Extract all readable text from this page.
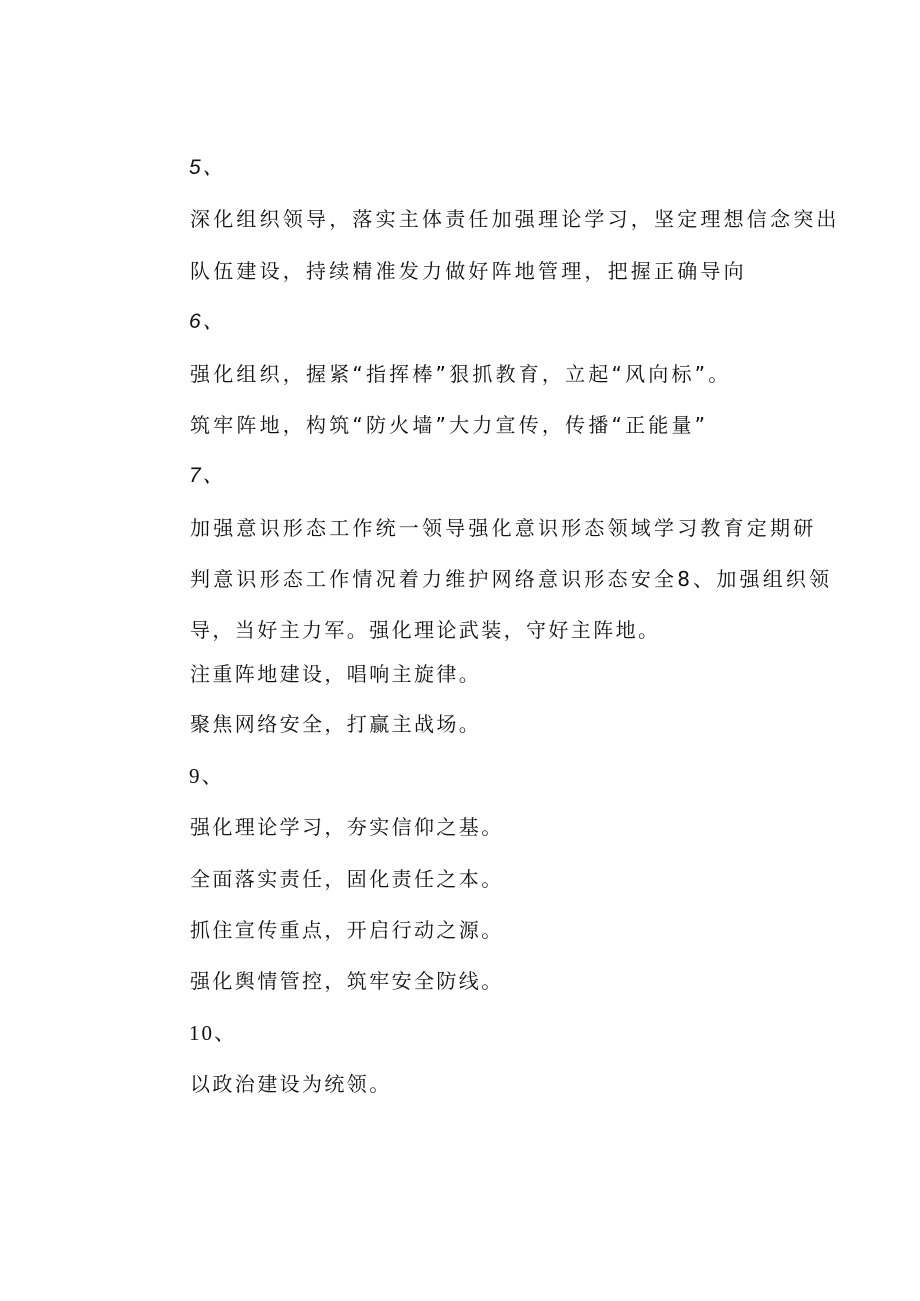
5、
深化组织领导，落实主体责任加强理论学习，坚定理想信念突出
队伍建设，持续精准发力做好阵地管理，把握正确导向
6、
强化组织，握紧“指挥棒”狠抓教育，立起“风向标”。
筑牢阵地，构筑“防火墙”大力宣传，传播“正能量”
7、
加强意识形态工作统一领导强化意识形态领域学习教育定期研
判意识形态工作情况着力维护网络意识形态安全8、加强组织领
导，当好主力军。强化理论武装，守好主阵地。
注重阵地建设，唱响主旋律。
聚焦网络安全，打赢主战场。
9、
强化理论学习，夯实信仰之基。
全面落实责任，固化责任之本。
抓住宣传重点，开启行动之源。
强化舆情管控，筑牢安全防线。
10、
以政治建设为统领。
